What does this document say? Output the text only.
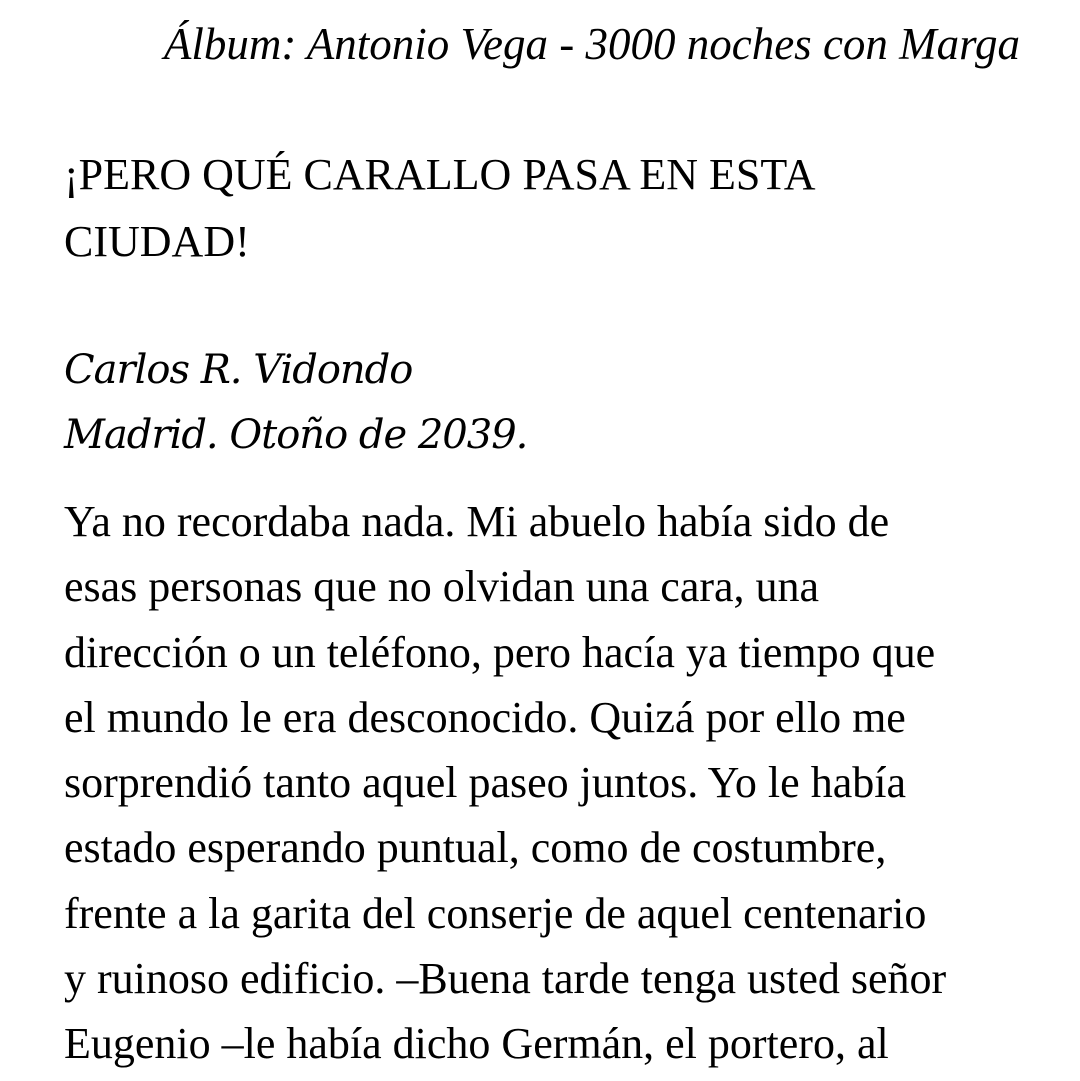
Álbum: Antonio Vega - 3000 noches con Marga
¡PERO QUÉ CARALLO PASA EN ESTA
CIUDAD!
Carlos R. Vidondo
Madrid. Otoño de 2039.
Ya no recordaba nada. Mi abuelo había sido de
esas personas que no olvidan una cara, una
dirección o un teléfono, pero hacía ya tiempo que
el mundo le era desconocido. Quizá por ello me
sorprendió tanto aquel paseo juntos. Yo le había
estado esperando puntual, como de costumbre,
frente a la garita del conserje de aquel centenario
y ruinoso edificio. –Buena tarde tenga usted señor
Eugenio –le había dicho Germán, el portero, al
